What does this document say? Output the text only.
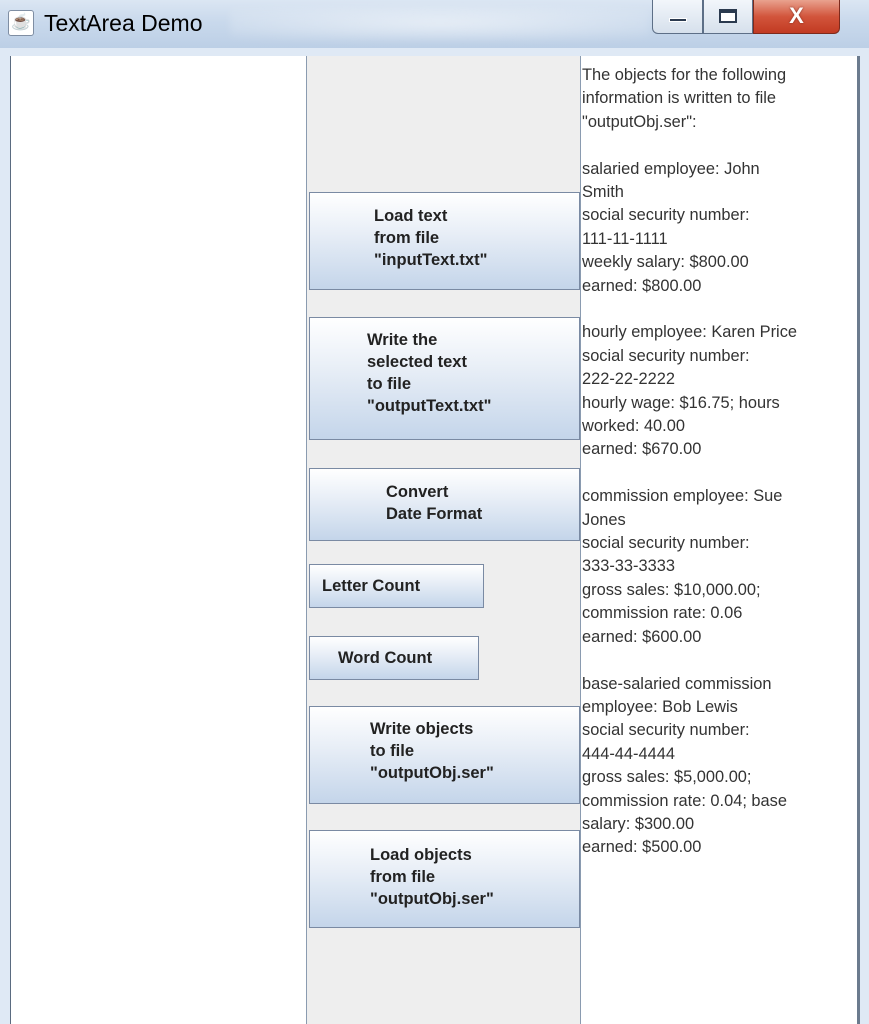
☕ TextArea Demo	X
Load text
from file
"inputText.txt"
Write the
selected text
to file
"outputText.txt"
Convert
Date Format
Letter Count
Word Count
Write objects
to file
"outputObj.ser"
Load objects
from file
"outputObj.ser"
The objects for the following
information is written to file
"outputObj.ser":
salaried employee: John
Smith
social security number:
111-11-1111
weekly salary: $800.00
earned: $800.00
hourly employee: Karen Price
social security number:
222-22-2222
hourly wage: $16.75; hours
worked: 40.00
earned: $670.00
commission employee: Sue
Jones
social security number:
333-33-3333
gross sales: $10,000.00;
commission rate: 0.06
earned: $600.00
base-salaried commission
employee: Bob Lewis
social security number:
444-44-4444
gross sales: $5,000.00;
commission rate: 0.04; base
salary: $300.00
earned: $500.00
